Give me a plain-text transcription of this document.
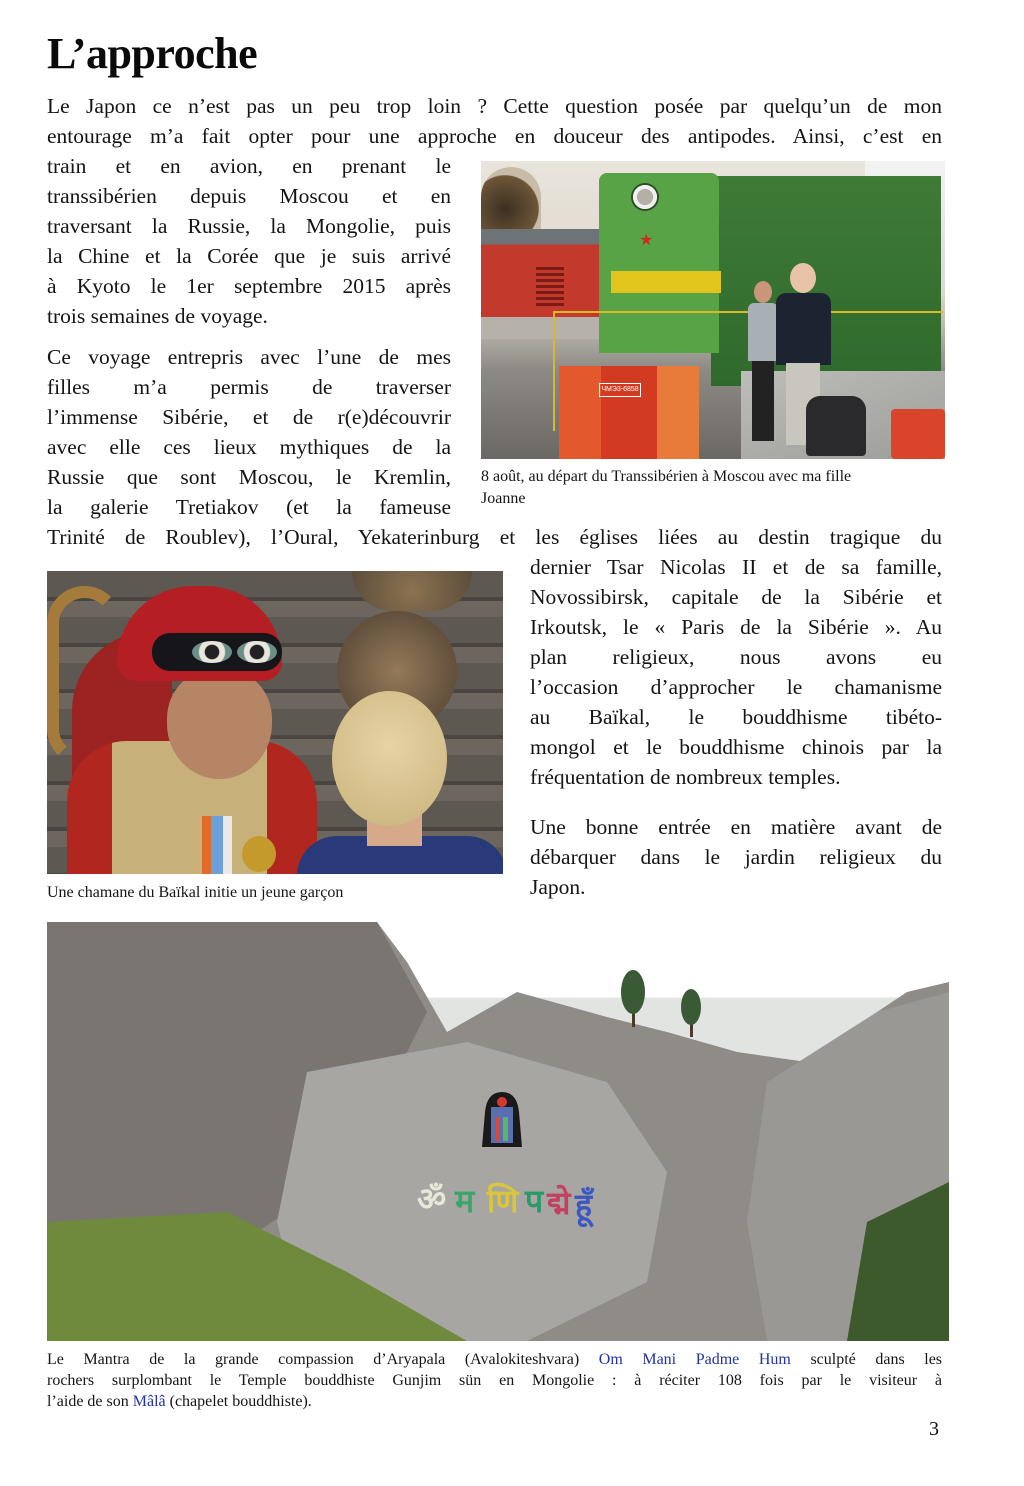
L’approche
Le Japon ce n’est pas un peu trop loin ? Cette question posée par quelqu’un de mon
entourage m’a fait opter pour une approche en douceur des antipodes. Ainsi, c’est en
train et en avion, en prenant le
transsibérien depuis Moscou et en
traversant la Russie, la Mongolie, puis
la Chine et la Corée que je suis arrivé
à Kyoto le 1er septembre 2015 après
trois semaines de voyage.
Ce voyage entrepris avec l’une de mes
filles m’a permis de traverser
l’immense Sibérie, et de r(e)découvrir
avec elle ces lieux mythiques de la
Russie que sont Moscou, le Kremlin,
la galerie Tretiakov (et la fameuse
Trinité de Roublev), l’Oural, Yekaterinburg et les églises liées au destin tragique du
dernier Tsar Nicolas II et de sa famille,
Novossibirsk, capitale de la Sibérie et
Irkoutsk, le « Paris de la Sibérie ». Au
plan religieux, nous avons eu
l’occasion d’approcher le chamanisme
au Baïkal, le bouddhisme tibéto-
mongol et le bouddhisme chinois par la
fréquentation de nombreux temples.
Une bonne entrée en matière avant de
débarquer dans le jardin religieux du
Japon.
★
ЧМЭ3-6858
8 août, au départ du Transsibérien à Moscou avec ma fille
Joanne
Une chamane du Baïkal initie un jeune garçon
ॐ म णि प द्मे हूँ
Le Mantra de la grande compassion d’Aryapala (Avalokiteshvara) Om Mani Padme Hum sculpté dans les
rochers surplombant le Temple bouddhiste Gunjim sün en Mongolie : à réciter 108 fois par le visiteur à
l’aide de son Mâlâ (chapelet bouddhiste).
3
